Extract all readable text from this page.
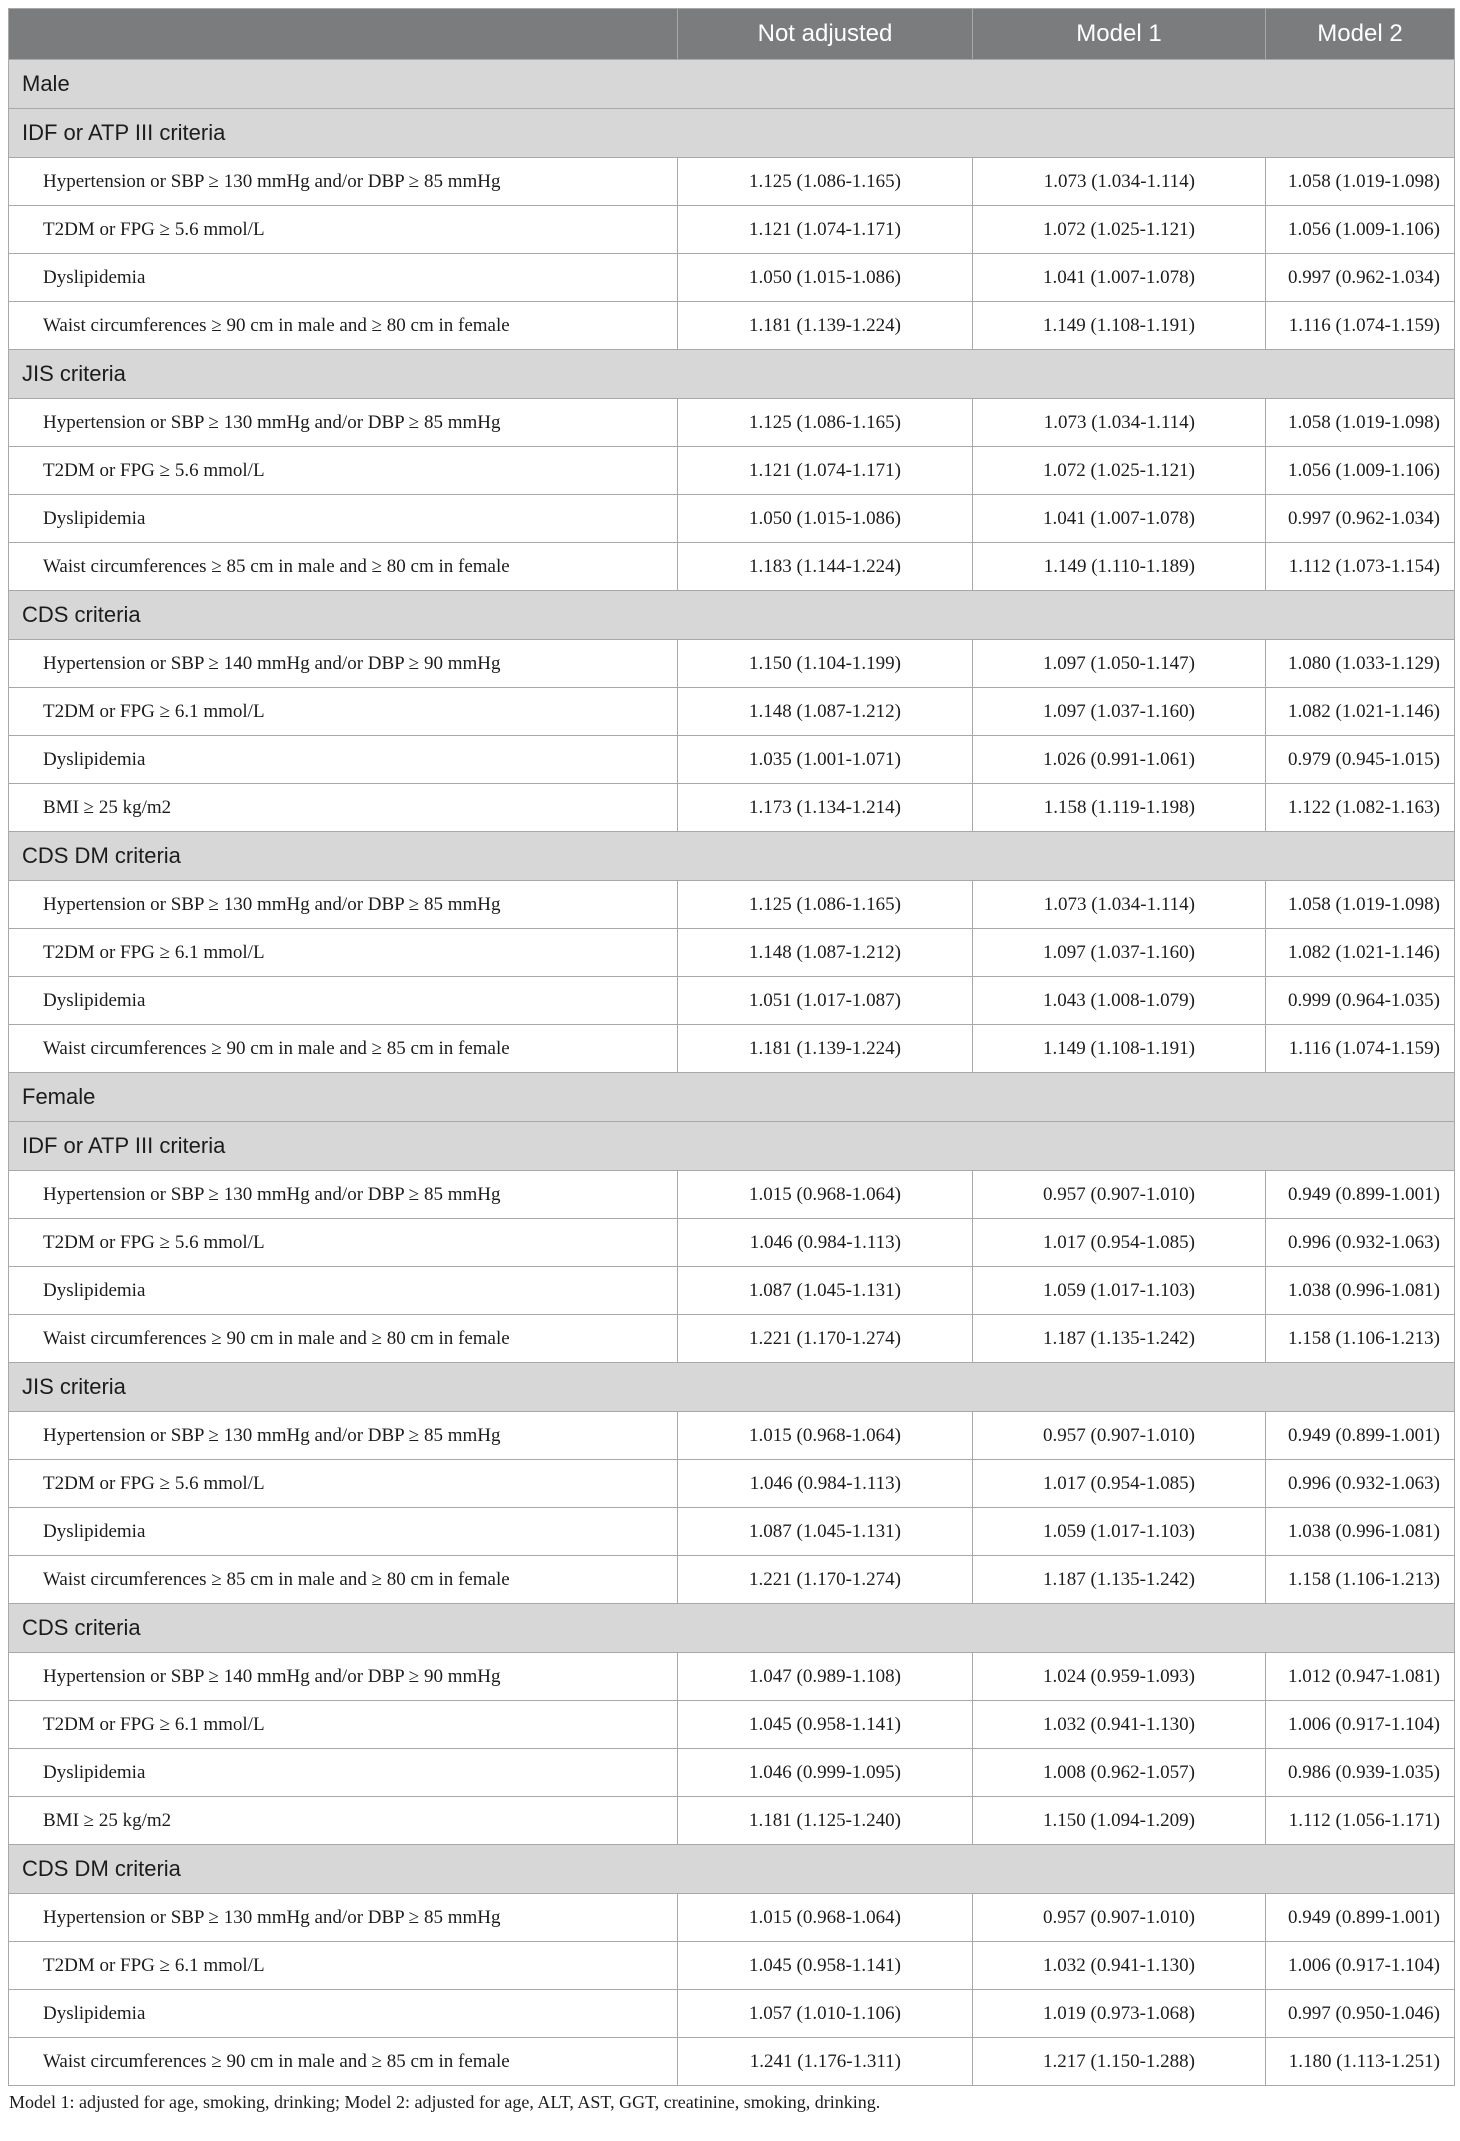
	Not adjusted	Model 1	Model 2
Male			
IDF or ATP III criteria			
Hypertension or SBP ≥ 130 mmHg and/or DBP ≥ 85 mmHg	1.125 (1.086-1.165)	1.073 (1.034-1.114)	1.058 (1.019-1.098)
T2DM or FPG ≥ 5.6 mmol/L	1.121 (1.074-1.171)	1.072 (1.025-1.121)	1.056 (1.009-1.106)
Dyslipidemia	1.050 (1.015-1.086)	1.041 (1.007-1.078)	0.997 (0.962-1.034)
Waist circumferences ≥ 90 cm in male and ≥ 80 cm in female	1.181 (1.139-1.224)	1.149 (1.108-1.191)	1.116 (1.074-1.159)
JIS criteria			
Hypertension or SBP ≥ 130 mmHg and/or DBP ≥ 85 mmHg	1.125 (1.086-1.165)	1.073 (1.034-1.114)	1.058 (1.019-1.098)
T2DM or FPG ≥ 5.6 mmol/L	1.121 (1.074-1.171)	1.072 (1.025-1.121)	1.056 (1.009-1.106)
Dyslipidemia	1.050 (1.015-1.086)	1.041 (1.007-1.078)	0.997 (0.962-1.034)
Waist circumferences ≥ 85 cm in male and ≥ 80 cm in female	1.183 (1.144-1.224)	1.149 (1.110-1.189)	1.112 (1.073-1.154)
CDS criteria			
Hypertension or SBP ≥ 140 mmHg and/or DBP ≥ 90 mmHg	1.150 (1.104-1.199)	1.097 (1.050-1.147)	1.080 (1.033-1.129)
T2DM or FPG ≥ 6.1 mmol/L	1.148 (1.087-1.212)	1.097 (1.037-1.160)	1.082 (1.021-1.146)
Dyslipidemia	1.035 (1.001-1.071)	1.026 (0.991-1.061)	0.979 (0.945-1.015)
BMI ≥ 25 kg/m2	1.173 (1.134-1.214)	1.158 (1.119-1.198)	1.122 (1.082-1.163)
CDS DM criteria			
Hypertension or SBP ≥ 130 mmHg and/or DBP ≥ 85 mmHg	1.125 (1.086-1.165)	1.073 (1.034-1.114)	1.058 (1.019-1.098)
T2DM or FPG ≥ 6.1 mmol/L	1.148 (1.087-1.212)	1.097 (1.037-1.160)	1.082 (1.021-1.146)
Dyslipidemia	1.051 (1.017-1.087)	1.043 (1.008-1.079)	0.999 (0.964-1.035)
Waist circumferences ≥ 90 cm in male and ≥ 85 cm in female	1.181 (1.139-1.224)	1.149 (1.108-1.191)	1.116 (1.074-1.159)
Female			
IDF or ATP III criteria			
Hypertension or SBP ≥ 130 mmHg and/or DBP ≥ 85 mmHg	1.015 (0.968-1.064)	0.957 (0.907-1.010)	0.949 (0.899-1.001)
T2DM or FPG ≥ 5.6 mmol/L	1.046 (0.984-1.113)	1.017 (0.954-1.085)	0.996 (0.932-1.063)
Dyslipidemia	1.087 (1.045-1.131)	1.059 (1.017-1.103)	1.038 (0.996-1.081)
Waist circumferences ≥ 90 cm in male and ≥ 80 cm in female	1.221 (1.170-1.274)	1.187 (1.135-1.242)	1.158 (1.106-1.213)
JIS criteria			
Hypertension or SBP ≥ 130 mmHg and/or DBP ≥ 85 mmHg	1.015 (0.968-1.064)	0.957 (0.907-1.010)	0.949 (0.899-1.001)
T2DM or FPG ≥ 5.6 mmol/L	1.046 (0.984-1.113)	1.017 (0.954-1.085)	0.996 (0.932-1.063)
Dyslipidemia	1.087 (1.045-1.131)	1.059 (1.017-1.103)	1.038 (0.996-1.081)
Waist circumferences ≥ 85 cm in male and ≥ 80 cm in female	1.221 (1.170-1.274)	1.187 (1.135-1.242)	1.158 (1.106-1.213)
CDS criteria			
Hypertension or SBP ≥ 140 mmHg and/or DBP ≥ 90 mmHg	1.047 (0.989-1.108)	1.024 (0.959-1.093)	1.012 (0.947-1.081)
T2DM or FPG ≥ 6.1 mmol/L	1.045 (0.958-1.141)	1.032 (0.941-1.130)	1.006 (0.917-1.104)
Dyslipidemia	1.046 (0.999-1.095)	1.008 (0.962-1.057)	0.986 (0.939-1.035)
BMI ≥ 25 kg/m2	1.181 (1.125-1.240)	1.150 (1.094-1.209)	1.112 (1.056-1.171)
CDS DM criteria			
Hypertension or SBP ≥ 130 mmHg and/or DBP ≥ 85 mmHg	1.015 (0.968-1.064)	0.957 (0.907-1.010)	0.949 (0.899-1.001)
T2DM or FPG ≥ 6.1 mmol/L	1.045 (0.958-1.141)	1.032 (0.941-1.130)	1.006 (0.917-1.104)
Dyslipidemia	1.057 (1.010-1.106)	1.019 (0.973-1.068)	0.997 (0.950-1.046)
Waist circumferences ≥ 90 cm in male and ≥ 85 cm in female	1.241 (1.176-1.311)	1.217 (1.150-1.288)	1.180 (1.113-1.251)
Model 1: adjusted for age, smoking, drinking; Model 2: adjusted for age, ALT, AST, GGT, creatinine, smoking, drinking.
